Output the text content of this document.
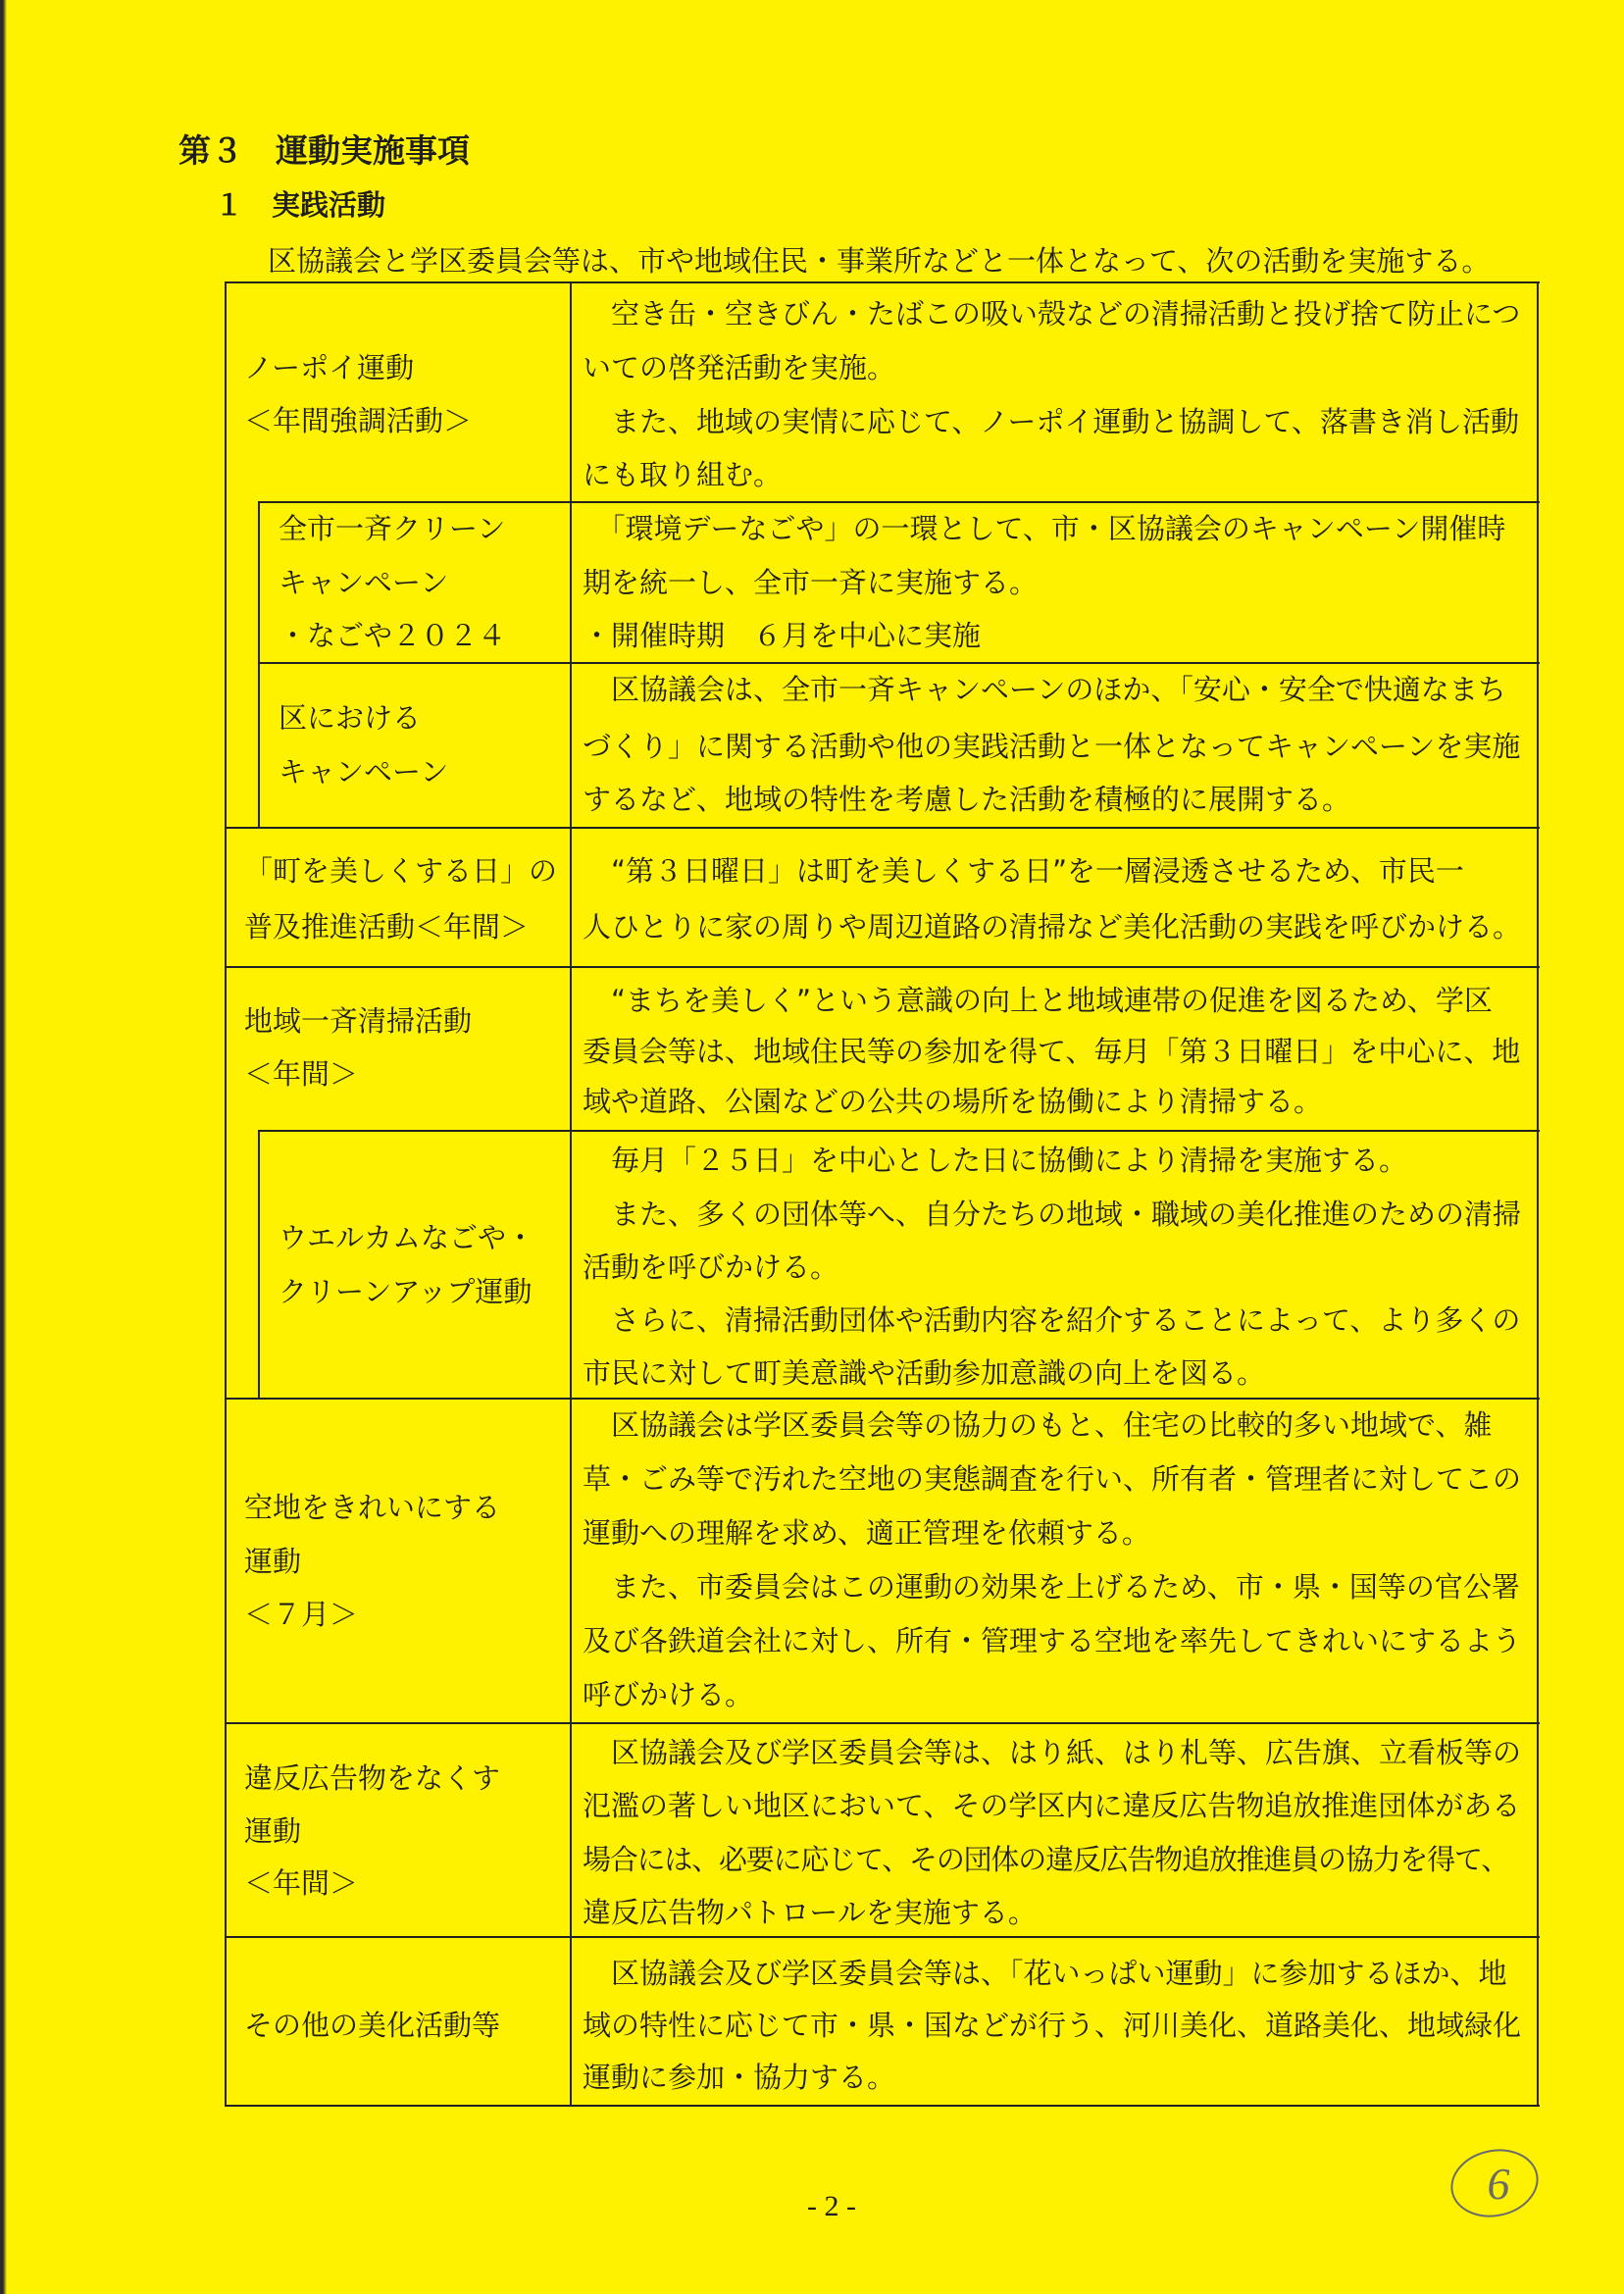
第３　運動実施事項
１　実践活動
区協議会と学区委員会等は、市や地域住民・事業所などと一体となって、次の活動を実施する。
ノーポイ運動
＜年間強調活動＞
　空き缶・空きびん・たばこの吸い殻などの清掃活動と投げ捨て防止につ
いての啓発活動を実施。
　また、地域の実情に応じて、ノーポイ運動と協調して、落書き消し活動
にも取り組む。
全市一斉クリーン
キャンペーン
・なごや２０２４
　「環境デーなごや」の一環として、市・区協議会のキャンペーン開催時
期を統一し、全市一斉に実施する。
・開催時期　６月を中心に実施
区における
キャンペーン
　区協議会は、全市一斉キャンペーンのほか、「安心・安全で快適なまち
づくり」に関する活動や他の実践活動と一体となってキャンペーンを実施
するなど、地域の特性を考慮した活動を積極的に展開する。
「町を美しくする日」の
普及推進活動＜年間＞
　“第３日曜日」は町を美しくする日”を一層浸透させるため、市民一
人ひとりに家の周りや周辺道路の清掃など美化活動の実践を呼びかける。
地域一斉清掃活動
＜年間＞
　“まちを美しく”という意識の向上と地域連帯の促進を図るため、学区
委員会等は、地域住民等の参加を得て、毎月「第３日曜日」を中心に、地
域や道路、公園などの公共の場所を協働により清掃する。
ウエルカムなごや・
クリーンアップ運動
　毎月「２５日」を中心とした日に協働により清掃を実施する。
　また、多くの団体等へ、自分たちの地域・職域の美化推進のための清掃
活動を呼びかける。
　さらに、清掃活動団体や活動内容を紹介することによって、より多くの
市民に対して町美意識や活動参加意識の向上を図る。
空地をきれいにする
運動
＜７月＞
　区協議会は学区委員会等の協力のもと、住宅の比較的多い地域で、雑
草・ごみ等で汚れた空地の実態調査を行い、所有者・管理者に対してこの
運動への理解を求め、適正管理を依頼する。
　また、市委員会はこの運動の効果を上げるため、市・県・国等の官公署
及び各鉄道会社に対し、所有・管理する空地を率先してきれいにするよう
呼びかける。
違反広告物をなくす
運動
＜年間＞
　区協議会及び学区委員会等は、はり紙、はり札等、広告旗、立看板等の
氾濫の著しい地区において、その学区内に違反広告物追放推進団体がある
場合には、必要に応じて、その団体の違反広告物追放推進員の協力を得て、
違反広告物パトロールを実施する。
その他の美化活動等
　区協議会及び学区委員会等は、「花いっぱい運動」に参加するほか、地
域の特性に応じて市・県・国などが行う、河川美化、道路美化、地域緑化
運動に参加・協力する。
- 2 -	6
